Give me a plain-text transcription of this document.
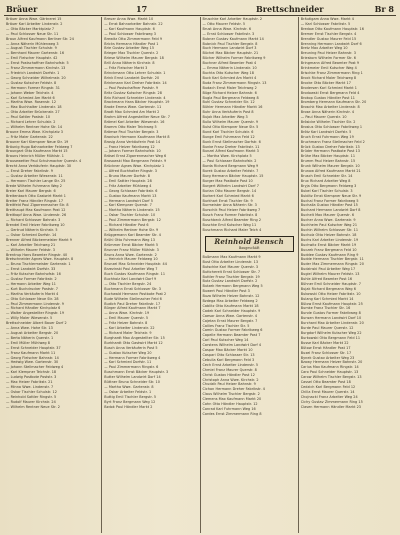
Bräuer	17	Brettschneider	Br 8

Bräuer Anna Wwe. Gärtnerei 15

Bräuer Karl Arbeiter Lindenstr. 2

— Otto Bäcker Marktplatz 7

— Paul Schlosser Neue Str. 11

Braun Alfred Kaufmann Berliner Str. 24

— Anna Näherin Mühlenweg 3

— August Tischler Schulstr. 9

— Bernhard Maurer Gartenstr. 16

— Emil Fleischer Hauptstr. 42

— Ernst Postschaffner Bahnhofstr. 5

— Franz Zimmermann Kirchstr. 13

— Friedrich Landwirt Dorfstr. 1

— Georg Schneider Wilhelmstr. 20

— Gustav Kutscher Feldstr. 8

— Hermann Former Ringstr. 31

— Johann Weber Teichstr. 4

— Karl Schmied Am Markt 6

— Martha Wwe. Rosenstr. 12

— Max Buchhalter Lindenstr. 18

— Otto Arbeiter Brückenstr. 27

— Paul Sattler Poststr. 10

— Richard Lehrer Schulstr. 2

— Wilhelm Rentner Hohe Str. 14

Braune Emma Wwe. Kirchplatz 3

— Fritz Maler Gartenstr. 22

Brauner Karl Klempner Neue Str. 19

Bräunig Hugo Bahnarbeiter Feldweg 7

Braungart Otto Kaufmann Markt 15

Brauns Heinrich Müller Mühlstr. 1

Brausewetter Paul Schuhmacher Querstr. 4

Brecht Anna Verkäuferin Hauptstr. 30

— Ernst Dreher Fabrikstr. 9

— Gustav Arbeiter Wiesenstr. 11

— Hermann Tischler Lange Str. 25

Brede Wilhelm Fuhrmann Weg 2

Breier Karl Maurer Bergstr. 6

Breitenbach Otto Gastwirt Markt 1

Breiter Franz Händler Ringstr. 17

Breitfeld Paul Zigarrenmacher Str. 8

Breithaupt Max Kaufmann Post 12

Breitkopf Anna Wwe. Lindenstr. 26

— Richard Schlosser Bahnstr. 3

Brendel Emil Heizer Fabrikweg 10

— Gertrud Näherin Kirchstr. 5

— Oskar Schmied Dorfstr. 14

Brenner Alfred Bäckermeister Markt 9

— Karl Arbeiter Teichweg 21

— Wilhelm Maurer Feldstr. 3

Brentrup Hans Beamter Ringstr. 40

Bretschneider Agnes Wwe. Hauptstr. 8

— Bruno Tischlermeister Gartenstr. 1

— Ernst Landwirt Dorfstr. 33

— Fritz Kutscher Bahnhofstr. 16

— Gustav Former Fabrikstr. 2

— Hermann Arbeiter Weg 11

— Kurt Buchdrucker Poststr. 7

— Martha Verkäuferin Markt 4

— Otto Schlosser Neue Str. 28

— Paul Zimmermann Lindenstr. 9

— Richard Händler Kirchplatz 6

— Walter Angestellter Ringstr. 19

— Willy Maler Wiesenstr. 5

Brettschneider Albert Bauer Dorf 2

— Anna Wwe. Hohe Str. 13

— August Arbeiter Bergstr. 20

— Berta Näherin Querstr. 1

— Emil Müller Mühlweg 8

— Ernst Schneider Hauptstr. 37

— Franz Kaufmann Markt 11

— Georg Fleischer Bahnstr. 14

— Hedwig Wwe. Gartenstr. 30

— Johann Stellmacher Feldweg 4

— Karl Klempner Teichstr. 18

— Ludwig Postbote Poststr. 3

— Max Heizer Fabrikstr. 21

— Minna Wwe. Lindenstr. 7

— Oskar Tischler Schulstr. 12

— Reinhold Sattler Ringstr. 5

— Rudolf Maurer Kirchstr. 24

— Wilhelm Rentner Neue Str. 2

Breuer Anna Wwe. Markt 10

— Ernst Bahnarbeiter Bahnstr. 22

— Karl Kaufmann Hauptstr. 6

— Paul Schlosser Fabrikweg 3

Brewitz Otto Zimmermann Feld 9

Bricks Hermann Händler Post 1

Brie Gustav Arbeiter Weg 15

Brieger Max Tischler Querstr. 2

Briese Wilhelm Maurer Bergstr. 18

Brill Anna Näherin Kirchstr. 8

— Fritz Fleischer Markt 3

Brinckmann Otto Lehrer Schulstr. 1

Brink Ernst Landwirt Dorfstr. 20

Brinkmann Karl Dreher Fabrikstr. 14

— Paul Postschaffner Poststr. 9

Britz Gustav Kutscher Ringstr. 28

Brix Richard Schneider Lindenstr. 4

Brockmann Hans Bäcker Hauptstr. 19

Brode Emma Wwe. Gartenstr. 11

Brodt Max Schmied Am Markt 2

Brohm Alfred Angestellter Neue Str. 7

Brömel Karl Arbeiter Wiesenstr. 16

Bromm Otto Maler Teichweg 5

Brömse Paul Tischler Bergstr. 3

Bronisch Hermann Kaufmann Markt 8

Brosig Anna Verkäuferin Post 14

— Franz Heizer Fabrikweg 12

— Johann Former Bahnhofstr. 10

Brösel Ernst Zigarrenmacher Weg 6

Brosowski Max Bergmann Feldstr. 9

Brückner Agnes Wwe. Kirchplatz 1

— Alfred Buchhalter Ringstr. 3

— Bruno Maurer Dorfstr. 8

— Emil Sattler Hauptstr. 28

— Fritz Arbeiter Mühlweg 4

— Georg Schlosser Fabrikstr. 6

— Gustav Kaufmann Markt 13

— Hermann Landwirt Dorf 5

— Karl Klempner Querstr. 7

— Martha Näherin Lindenstr. 15

— Oskar Tischler Schulstr. 10

— Paul Zimmermann Bergstr. 12

— Richard Händler Post 6

— Wilhelm Rentner Hohe Str. 9

Brüggemann Karl Beamter Str. 4

Brühl Otto Fuhrmann Weg 13

Brümmer Ernst Bäcker Markt 5

Brunner Franz Müller Mühlstr. 3

Bruns Anna Wwe. Gartenstr. 2

— Heinrich Maurer Feldweg 10

Brunzel Max Schneider Hauptstr. 44

Brzezinski Paul Arbeiter Weg 7

Buch Gustav Kaufmann Ringstr. 11

Buchholz Karl Landwirt Dorf 9

— Otto Tischler Bergstr. 24

Buchmann Ernst Schlosser Str. 3

Buchwald Hermann Postbote Post 2

Bude Wilhelm Stellmacher Feld 6

Budich Paul Dreher Fabrikstr. 17

Bürger Alfred Kaufmann Markt 7

— Anna Wwe. Kirchstr. 19

— Emil Maurer Querstr. 5

— Fritz Heizer Bahnstr. 8

— Karl Arbeiter Lindenstr. 22

— Richard Maler Teichstr. 9

Burghardt Max Angestellter Str. 15

Burkhardt Otto Gastwirt Markt 12

Busch Anna Verkäuferin Post 5

— Gustav Kutscher Weg 20

— Hermann Former Fabrikweg 4

— Karl Schmied Dorfstr. 11

— Paul Zimmermann Ringstr. 6

Buschmann Ernst Bäcker Hauptstr. 3

Butter Wilhelm Landwirt Dorf 14

Büttner Bruno Schneider Str. 10

— Martha Wwe. Gartenstr. 8

— Oskar Arbeiter Feldstr. 1

Buttig Emil Tischler Bergstr. 5

Byrt Franz Bergmann Weg 12

Bzdok Paul Händler Markt 2

Bruschke Karl Arbeiter Hauptstr. 2

— Otto Maurer Feldstr. 5

Brust Anna Wwe. Kirchstr. 6

— Ernst Schlosser Fabrikstr. 3

Bubner Gustav Kaufmann Markt 14

Bubnick Paul Tischler Bergstr. 8

Buch Hermann Landwirt Dorf 3

Büchel Max Bäcker Hauptstr. 21

Bücher Wilhelm Former Fabrikweg 9

Buchner Alfred Beamter Post 4

— Emma Näherin Lindenstr. 10

Buchta Otto Kutscher Weg 18

Buck Karl Schmied Am Markt 4

Buda Franz Zimmermann Ringstr. 13

Budach Ernst Maler Teichweg 2

Büge Richard Heizer Bahnstr. 6

Bugla Paul Bergmann Feldweg 8

Buhl Gustav Schneider Str. 12

Bühler Hermann Händler Markt 16

Buhr Anna Verkäuferin Post 8

Bujok Max Arbeiter Weg 3

Bulla Wilhelm Maurer Querstr. 9

Bulst Otto Klempner Neue Str. 5

Bund Karl Tischler Schulstr. 6

Bunge Emil Fuhrmann Feld 12

Bunk Ernst Stellmacher Dorfstr. 6

Bunke Franz Dreher Fabrikstr. 11

Bunzel Alfred Kaufmann Markt 3

— Martha Wwe. Kirchplatz 5

— Paul Schlosser Bahnhofstr. 2

Burda Richard Bergmann Weg 9

Burek Gustav Arbeiter Feldstr. 7

Burg Hermann Bäcker Hauptstr. 15

Burger Max Postbote Post 10

Burgert Wilhelm Landwirt Dorf 7

Burian Otto Maurer Bergstr. 14

Burkert Karl Schmied Markt 6

Burkhart Ernst Tischler Str. 9

Burmeister Anna Näherin Str. 3

Burschik Paul Heizer Fabrikweg 7

Busch Franz Former Fabrikstr. 8

Buschbeck Alfred Beamter Ring 2

Buschke Emil Kutscher Weg 11

Buschmann Richard Maler Teich 4

Reinhold Bensch
Baugeschäft

Bußmann Max Kaufmann Markt 9

Bust Otto Arbeiter Lindenstr. 13

Butschke Karl Maurer Querstr. 3

Buttchereit Ernst Schlosser Str. 7

Buttler Franz Tischler Bergstr. 19

Butz Gustav Landwirt Dorfstr. 2

Butzek Hermann Bergmann Weg 5

Buwert Paul Händler Post 3

Buza Wilhelm Heizer Bahnstr. 12

Bzdega Max Arbeiter Feldweg 2

Cablitz Otto Kaufmann Markt 18

Cadek Karl Schneider Hauptstr. 9

Caesar Anna Wwe. Gartenstr. 4

Cajetan Ernst Maurer Bergstr. 7

Callies Franz Tischler Str. 5

Camin Gustav Former Fabrikweg 6

Capelle Hermann Beamter Post 7

Carl Paul Kutscher Weg 14

Carstens Wilhelm Landwirt Dorf 4

Caspar Max Bäcker Markt 10

Caspari Otto Schlosser Str. 13

Cebulla Karl Bergmann Feld 3

Cech Ernst Arbeiter Lindenstr. 5

Chmiel Franz Maurer Querstr. 8

Christ Gustav Händler Post 12

Christoph Anna Wwe. Kirchstr. 2

Chudzik Paul Heizer Bahnstr. 9

Cichon Hermann Dreher Fabrikstr. 4

Claus Wilhelm Tischler Bergstr. 2

Clemens Max Kaufmann Markt 20

Cohn Otto Händler Hauptstr. 12

Conrad Karl Fuhrmann Weg 16

Cordes Ernst Zimmermann Ring 8

Bräutigam Anna Wwe. Markt 4

— Karl Schlosser Fabrikstr. 5

Bredow Otto Kaufmann Hauptstr. 16

Bremer Ernst Tischler Bergstr. 4

Brendler Gustav Maurer Feld 15

Brenning Hermann Landwirt Dorf 6

Bretz Max Arbeiter Weg 10

Breuning Paul Heizer Bahnstr. 3

Brieskorn Wilhelm Former Str. 6

Bringmann Alfred Beamter Post 9

Brinkmeier Emil Kutscher Weg 4

Brischke Franz Zimmermann Ring 1

Brock Richard Maler Teichweg 8

Brocke Otto Bäcker Markt 17

Brodersen Karl Schmied Markt 1

Brodowski Ernst Bergmann Feld 4

Brokop Gustav Händler Post 11

Bromberg Hermann Kaufmann Str. 20

Broschk Max Arbeiter Lindenstr. 8

Brose Anna Näherin Kirchstr. 4

— Paul Maurer Querstr. 10

Brösicke Wilhelm Tischler Str. 2

Brosius Otto Schlosser Fabrikweg 1

Brötz Karl Landwirt Dorfstr. 5

Bruch Ernst Fuhrmann Weg 19

Bruchmann Franz Stellmacher Feld 2

Brück Gustav Dreher Fabrikstr. 13

Brüder Hermann Postbote Post 13

Brühe Max Bäcker Hauptstr. 11

Brumm Paul Heizer Bahnstr. 15

Brunk Wilhelm Maurer Bergstr. 10

Brunow Alfred Kaufmann Markt 21

Brusch Emil Schneider Str. 14

Brux Richard Arbeiter Weg 8

Bryja Otto Bergmann Feldweg 3

Bubel Karl Tischler Schulstr. 3

Bublitz Ernst Klempner Neue Str. 9

Buchal Franz Former Fabrikweg 5

Buchalla Gustav Händler Post 15

Buchard Hermann Landwirt Dorf 8

Buchelt Max Maurer Querstr. 6

Bucher Anna Wwe. Gartenstr. 9

Buchheim Paul Kutscher Weg 21

Buchin Wilhelm Schlosser Str. 11

Bucholz Otto Heizer Bahnstr. 18

Buchs Karl Arbeiter Lindenstr. 19

Buchwitz Ernst Bäcker Markt 19

Buczek Franz Bergmann Feld 10

Buddee Gustav Kaufmann Ring 9

Budde Hermann Tischler Bergstr. 11

Buder Max Zimmermann Ringstr. 20

Budzinski Paul Arbeiter Weg 17

Bugiel Wilhelm Maurer Feldstr. 13

Buhle Alfred Beamter Post 16

Bühner Emil Schneider Hauptstr. 7

Bujak Richard Bergmann Weg 6

Bukowski Otto Heizer Fabrikstr. 10

Bulang Karl Schmied Markt 14

Bülow Ernst Kaufmann Hauptstr. 25

Bumke Franz Tischler Str. 16

Bunde Gustav Former Fabrikweg 8

Bunsen Hermann Landwirt Dorf 10

Burchard Max Arbeiter Lindenstr. 20

Burde Paul Maurer Querstr. 12

Burgdorf Wilhelm Kutscher Weg 22

Burkowski Otto Bergmann Feld 11

Busse Karl Bäcker Markt 22

Bütow Ernst Händler Post 17

Buxel Franz Schlosser Str. 17

Bynek Gustav Arbeiter Weg 23

Bzowy Hermann Heizer Bahnstr. 20

Carius Max Kaufmann Ringstr. 14

Caro Paul Schneider Hauptstr. 13

Carow Wilhelm Tischler Bergstr. 13

Cassel Otto Beamter Post 18

Cedzich Karl Bergmann Feld 12

Chilla Ernst Maurer Querstr. 14

Chojnacki Franz Arbeiter Weg 24

Cichy Gustav Zimmermann Ring 15

Clasen Hermann Händler Markt 23
